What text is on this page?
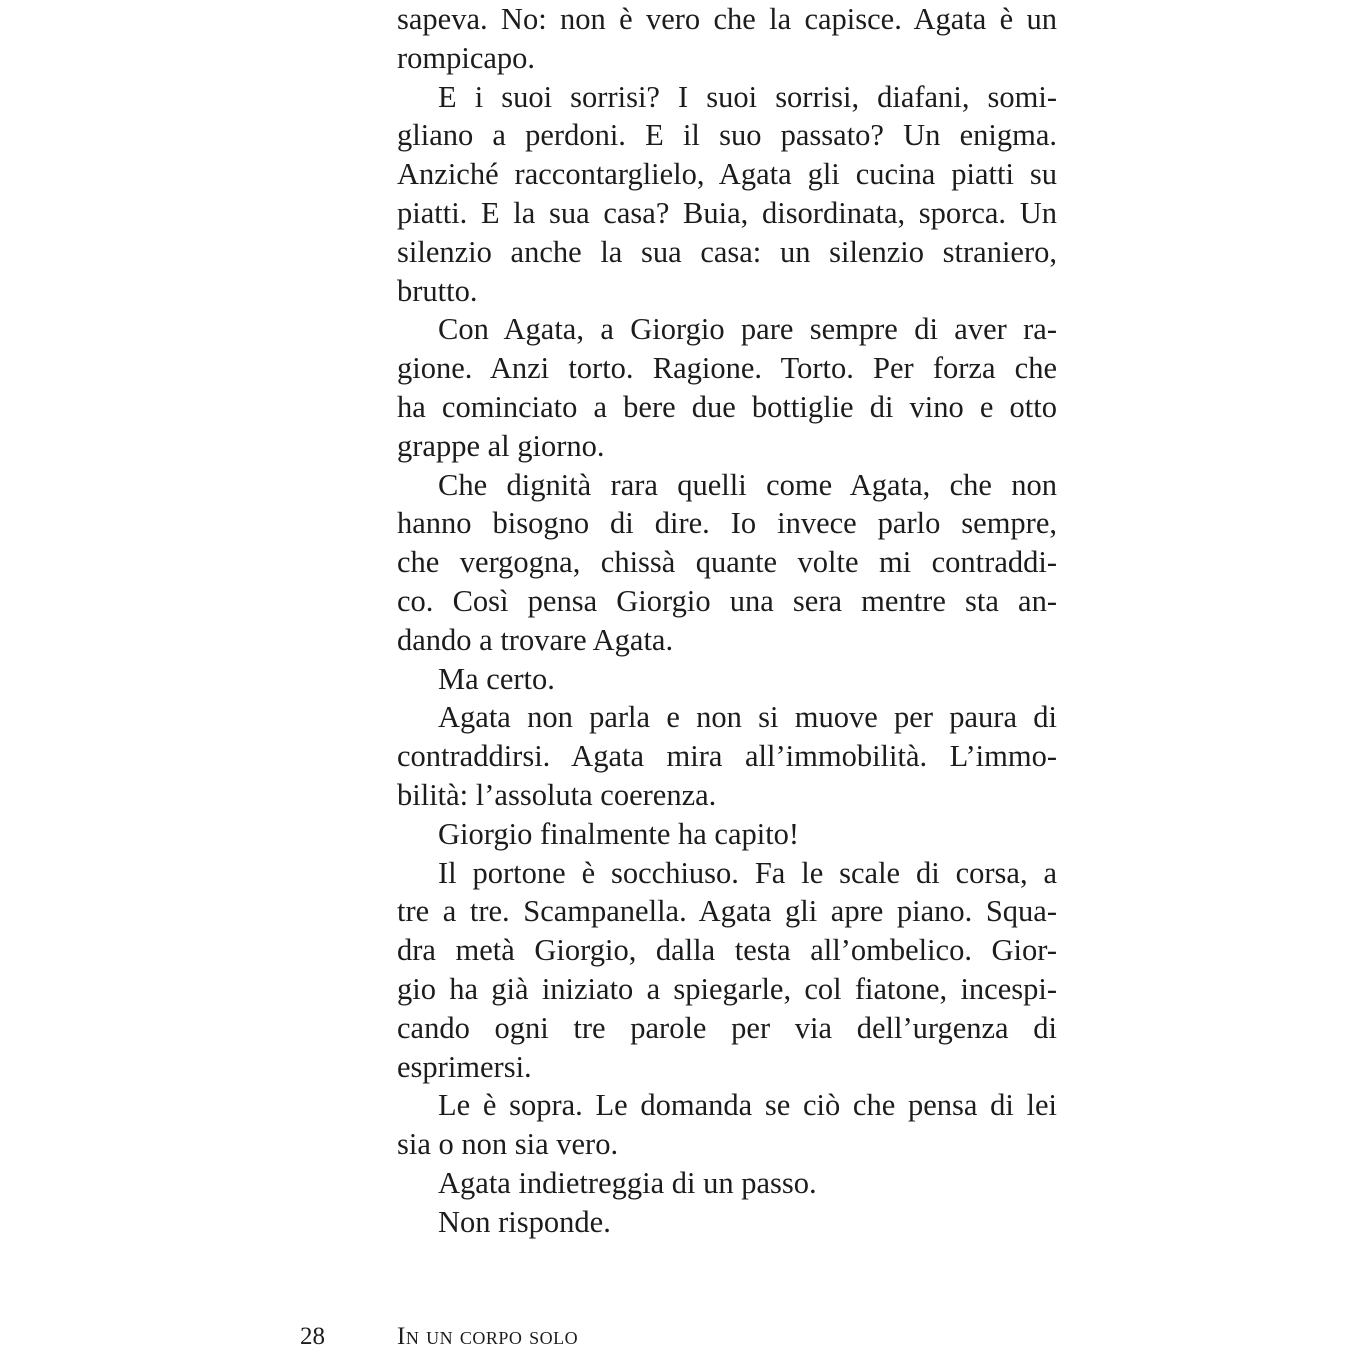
sapeva. No: non è vero che la capisce. Agata è un
rompicapo.
E i suoi sorrisi? I suoi sorrisi, diafani, somi-
gliano a perdoni. E il suo passato? Un enigma.
Anziché raccontarglielo, Agata gli cucina piatti su
piatti. E la sua casa? Buia, disordinata, sporca. Un
silenzio anche la sua casa: un silenzio straniero,
brutto.
Con Agata, a Giorgio pare sempre di aver ra-
gione. Anzi torto. Ragione. Torto. Per forza che
ha cominciato a bere due bottiglie di vino e otto
grappe al giorno.
Che dignità rara quelli come Agata, che non
hanno bisogno di dire. Io invece parlo sempre,
che vergogna, chissà quante volte mi contraddi-
co. Così pensa Giorgio una sera mentre sta an-
dando a trovare Agata.
Ma certo.
Agata non parla e non si muove per paura di
contraddirsi. Agata mira all’immobilità. L’immo-
bilità: l’assoluta coerenza.
Giorgio finalmente ha capito!
Il portone è socchiuso. Fa le scale di corsa, a
tre a tre. Scampanella. Agata gli apre piano. Squa-
dra metà Giorgio, dalla testa all’ombelico. Gior-
gio ha già iniziato a spiegarle, col fiatone, incespi-
cando ogni tre parole per via dell’urgenza di
esprimersi.
Le è sopra. Le domanda se ciò che pensa di lei
sia o non sia vero.
Agata indietreggia di un passo.
Non risponde.
28	In un corpo solo
